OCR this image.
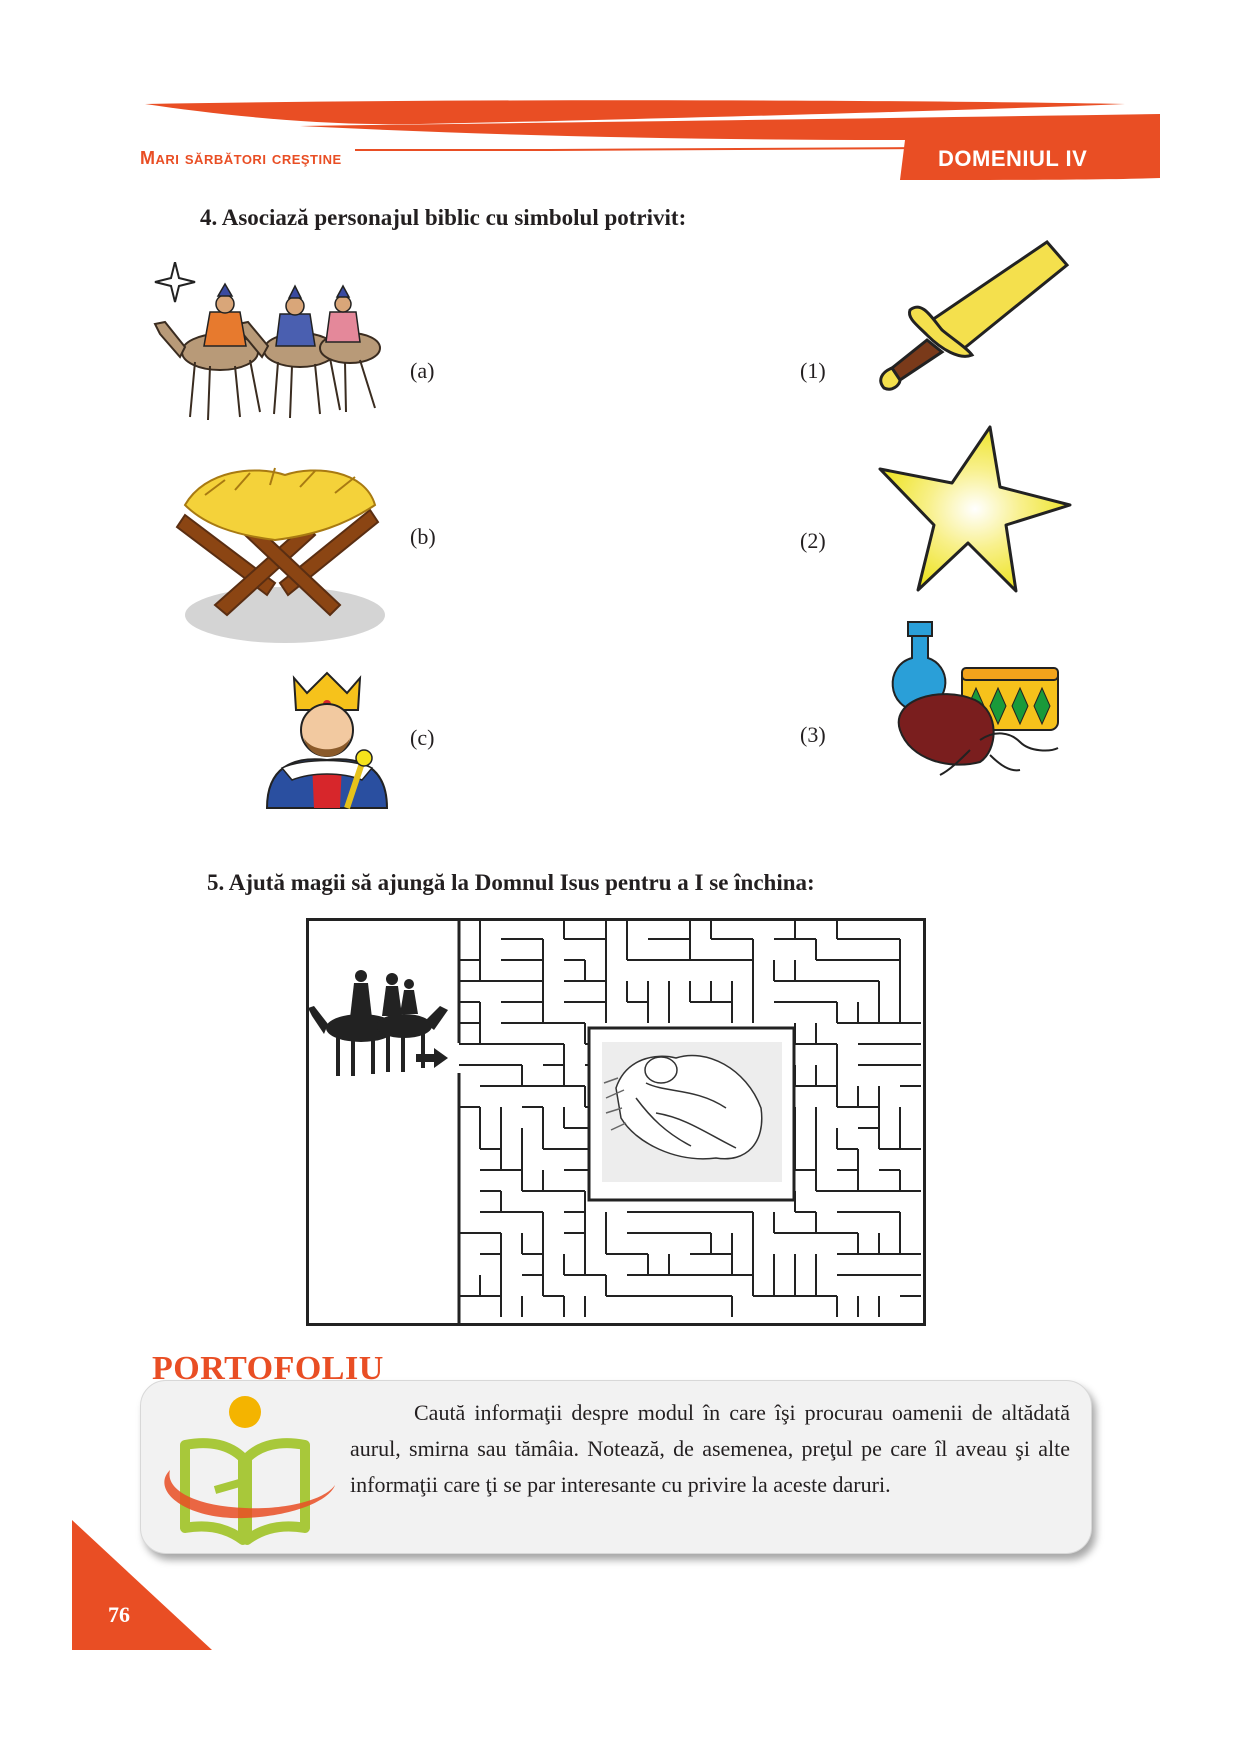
Mari sărbători creştine	DOMENIUL IV
4. Asociază personajul biblic cu simbolul potrivit:
(a)
(b)
(c)
(1)
(2)
(3)
5. Ajută magii să ajungă la Domnul Isus pentru a I se închina:
PORTOFOLIU
Caută informaţii despre modul în care îşi procurau oamenii de altădată aurul, smirna sau tămâia. Notează, de asemenea, preţul pe care îl aveau şi alte informaţii care ţi se par interesante cu privire la aceste daruri.
76
